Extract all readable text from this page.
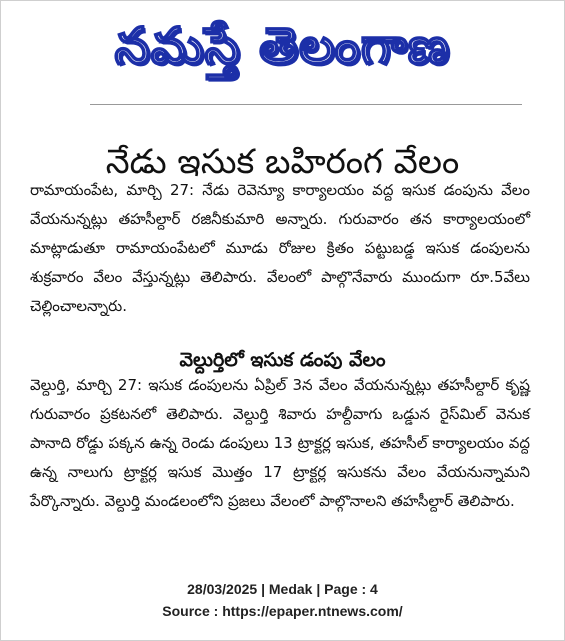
నమస్తే తెలంగాణ
నేడు ఇసుక బహిరంగ వేలం

రామాయంపేట, మార్చి 27: నేడు రెవెన్యూ కార్యాలయం వద్ద ఇసుక డంపును వేలం వేయనున్నట్లు తహసీల్దార్ రజినీకుమారి అన్నారు. గురువారం తన కార్యాలయంలో మాట్లాడుతూ రామాయంపేటలో మూడు రోజుల క్రితం పట్టుబడ్డ ఇసుక డంపులను శుక్రవారం వేలం వేస్తున్నట్లు తెలిపారు. వేలంలో పాల్గొనేవారు ముందుగా రూ.5వేలు చెల్లించాలన్నారు.

వెల్దుర్తిలో ఇసుక డంపు వేలం

వెల్దుర్తి, మార్చి 27: ఇసుక డంపులను ఏప్రిల్ 3న వేలం వేయనున్నట్లు తహసీల్దార్ కృష్ణ గురువారం ప్రకటనలో తెలిపారు. వెల్దుర్తి శివారు హల్దీవాగు ఒడ్డున రైస్‌మిల్ వెనుక పానాది రోడ్డు పక్కన ఉన్న రెండు డంపులు 13 ట్రాక్టర్ల ఇసుక, తహసీల్ కార్యాలయం వద్ద ఉన్న నాలుగు ట్రాక్టర్ల ఇసుక మొత్తం 17 ట్రాక్టర్ల ఇసుకను వేలం వేయనున్నామని పేర్కొన్నారు. వెల్దుర్తి మండలంలోని ప్రజలు వేలంలో పాల్గొనాలని తహసీల్దార్ తెలిపారు.

28/03/2025 | Medak | Page : 4
Source : https://epaper.ntnews.com/
